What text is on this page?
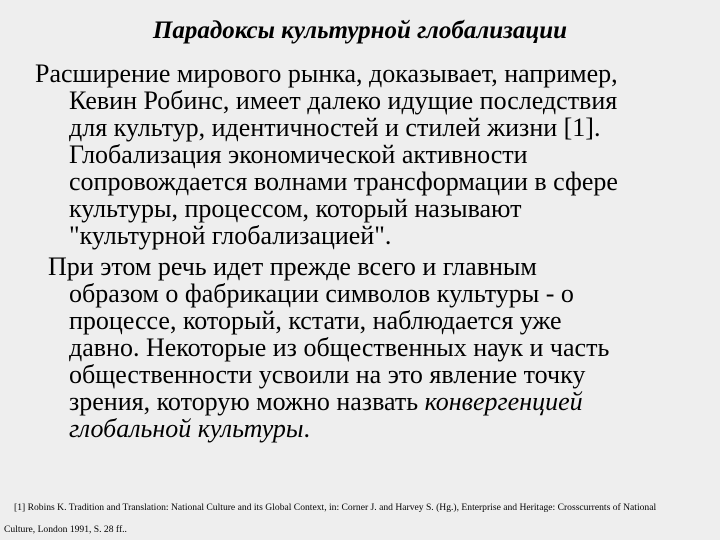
Парадоксы культурной глобализации
Расширение мирового рынка, доказывает, например,
Кевин Робинс, имеет далеко идущие последствия
для культур, идентичностей и стилей жизни [1].
Глобализация экономической активности
сопровождается волнами трансформации в сфере
культуры, процессом, который называют
"культурной глобализацией".
При этом речь идет прежде всего и главным
образом о фабрикации символов культуры - о
процессе, который, кстати, наблюдается уже
давно. Некоторые из общественных наук и часть
общественности усвоили на это явление точку
зрения, которую можно назвать конвергенцией
глобальной культуры.
[1] Robins K. Tradition and Translation: National Culture and its Global Context, in: Corner J. and Harvey S. (Hg.), Enterprise and Heritage: Crosscurrents of National
Culture, London 1991, S. 28 ff..
